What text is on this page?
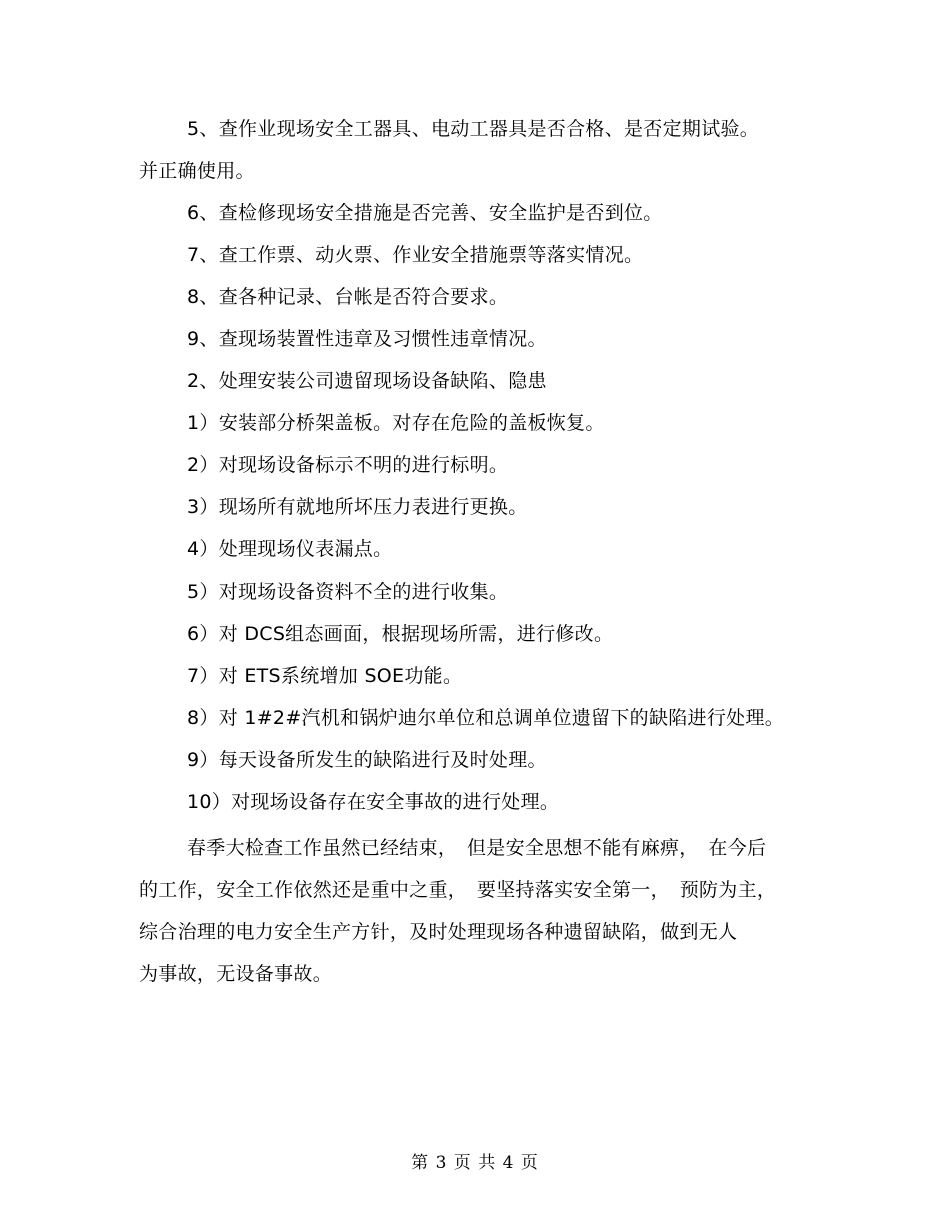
5、查作业现场安全工器具、电动工器具是否合格、是否定期试验。
并正确使用。
6、查检修现场安全措施是否完善、安全监护是否到位。
7、查工作票、动火票、作业安全措施票等落实情况。
8、查各种记录、台帐是否符合要求。
9、查现场装置性违章及习惯性违章情况。
2、处理安装公司遗留现场设备缺陷、隐患
1）安装部分桥架盖板。对存在危险的盖板恢复。
2）对现场设备标示不明的进行标明。
3）现场所有就地所坏压力表进行更换。
4）处理现场仪表漏点。
5）对现场设备资料不全的进行收集。
6）对 DCS组态画面，根据现场所需，进行修改。
7）对 ETS系统增加 SOE功能。
8）对 1#2#汽机和锅炉迪尔单位和总调单位遗留下的缺陷进行处理。
9）每天设备所发生的缺陷进行及时处理。
10）对现场设备存在安全事故的进行处理。
春季大检查工作虽然已经结束，　但是安全思想不能有麻痹，　在今后
的工作，安全工作依然还是重中之重，　要坚持落实安全第一，　预防为主，
综合治理的电力安全生产方针，及时处理现场各种遗留缺陷，做到无人
为事故，无设备事故。
第 3 页 共 4 页
